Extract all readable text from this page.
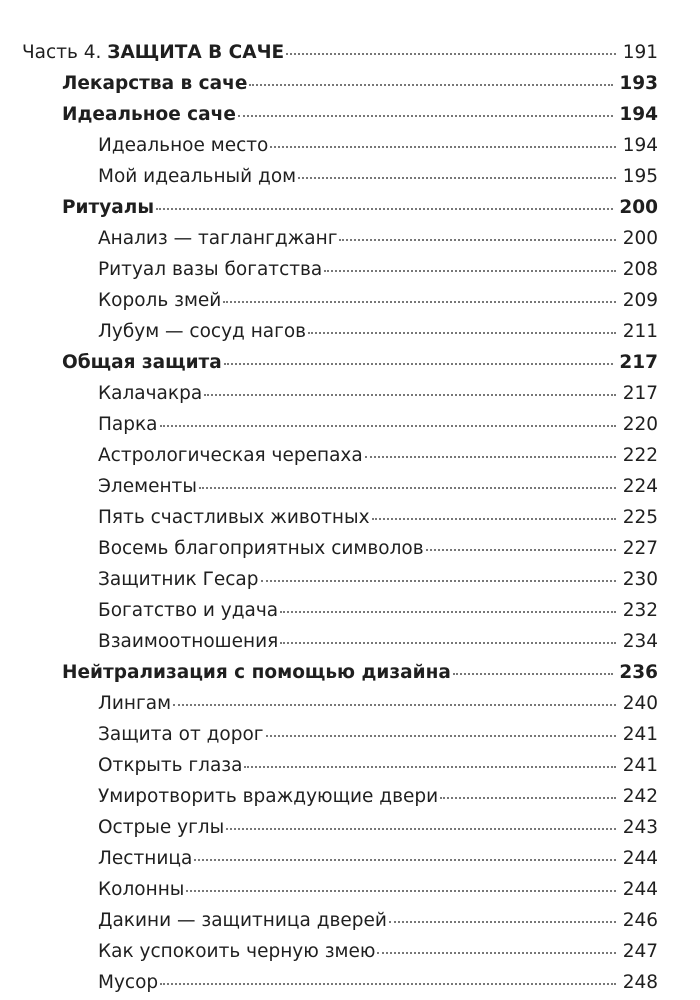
Часть 4. ЗАЩИТА В САЧЕ	191
Лекарства в саче	193
Идеальное саче	194
Идеальное место	194
Мой идеальный дом	195
Ритуалы	200
Анализ — таглангджанг	200
Ритуал вазы богатства	208
Король змей	209
Лубум — сосуд нагов	211
Общая защита	217
Калачакра	217
Парка	220
Астрологическая черепаха	222
Элементы	224
Пять счастливых животных	225
Восемь благоприятных символов	227
Защитник Гесар	230
Богатство и удача	232
Взаимоотношения	234
Нейтрализация с помощью дизайна	236
Лингам	240
Защита от дорог	241
Открыть глаза	241
Умиротворить враждующие двери	242
Острые углы	243
Лестница	244
Колонны	244
Дакини — защитница дверей	246
Как успокоить черную змею	247
Мусор	248
